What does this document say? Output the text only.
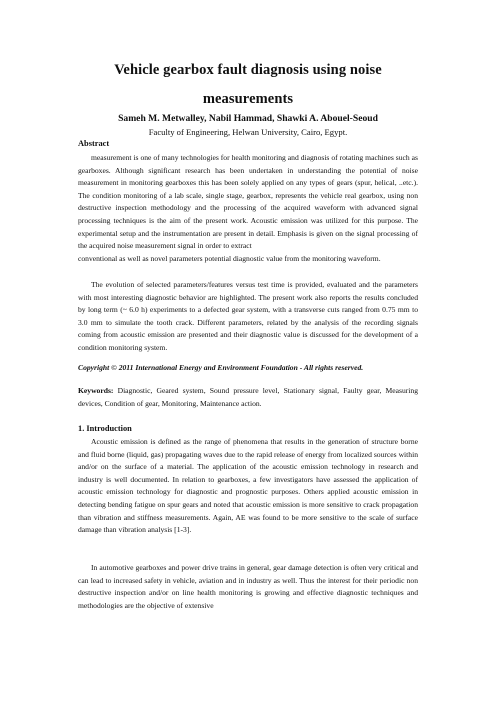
Vehicle gearbox fault diagnosis using noise
measurements
Sameh M. Metwalley, Nabil Hammad, Shawki A. Abouel-Seoud
Faculty of Engineering, Helwan University, Cairo, Egypt.
Abstract

measurement is one of many technologies for health monitoring and diagnosis of rotating machines such as gearboxes. Although significant research has been undertaken in understanding the potential of noise measurement in monitoring gearboxes this has been solely applied on any types of gears (spur, helical, ..etc.). The condition monitoring of a lab scale, single stage, gearbox, represents the vehicle real gearbox, using non destructive inspection methodology and the processing of the acquired waveform with advanced signal processing techniques is the aim of the present work. Acoustic emission was utilized for this purpose. The experimental setup and the instrumentation are present in detail. Emphasis is given on the signal processing of the acquired noise measurement signal in order to extract

conventional as well as novel parameters potential diagnostic value from the monitoring waveform.

The evolution of selected parameters/features versus test time is provided, evaluated and the parameters with most interesting diagnostic behavior are highlighted. The present work also reports the results concluded by long term (~ 6.0 h) experiments to a defected gear system, with a transverse cuts ranged from 0.75 mm to 3.0 mm to simulate the tooth crack. Different parameters, related by the analysis of the recording signals coming from acoustic emission are presented and their diagnostic value is discussed for the development of a condition monitoring system.

Copyright © 2011 International Energy and Environment Foundation - All rights reserved.

Keywords: Diagnostic, Geared system, Sound pressure level, Stationary signal, Faulty gear, Measuring devices, Condition of gear, Monitoring, Maintenance action.

1. Introduction

Acoustic emission is defined as the range of phenomena that results in the generation of structure borne and fluid borne (liquid, gas) propagating waves due to the rapid release of energy from localized sources within and/or on the surface of a material. The application of the acoustic emission technology in research and industry is well documented. In relation to gearboxes, a few investigators have assessed the application of acoustic emission technology for diagnostic and prognostic purposes. Others applied acoustic emission in detecting bending fatigue on spur gears and noted that acoustic emission is more sensitive to crack propagation than vibration and stiffness measurements. Again, AE was found to be more sensitive to the scale of surface damage than vibration analysis [1-3].

In automotive gearboxes and power drive trains in general, gear damage detection is often very critical and can lead to increased safety in vehicle, aviation and in industry as well. Thus the interest for their periodic non destructive inspection and/or on line health monitoring is growing and effective diagnostic techniques and methodologies are the objective of extensive
